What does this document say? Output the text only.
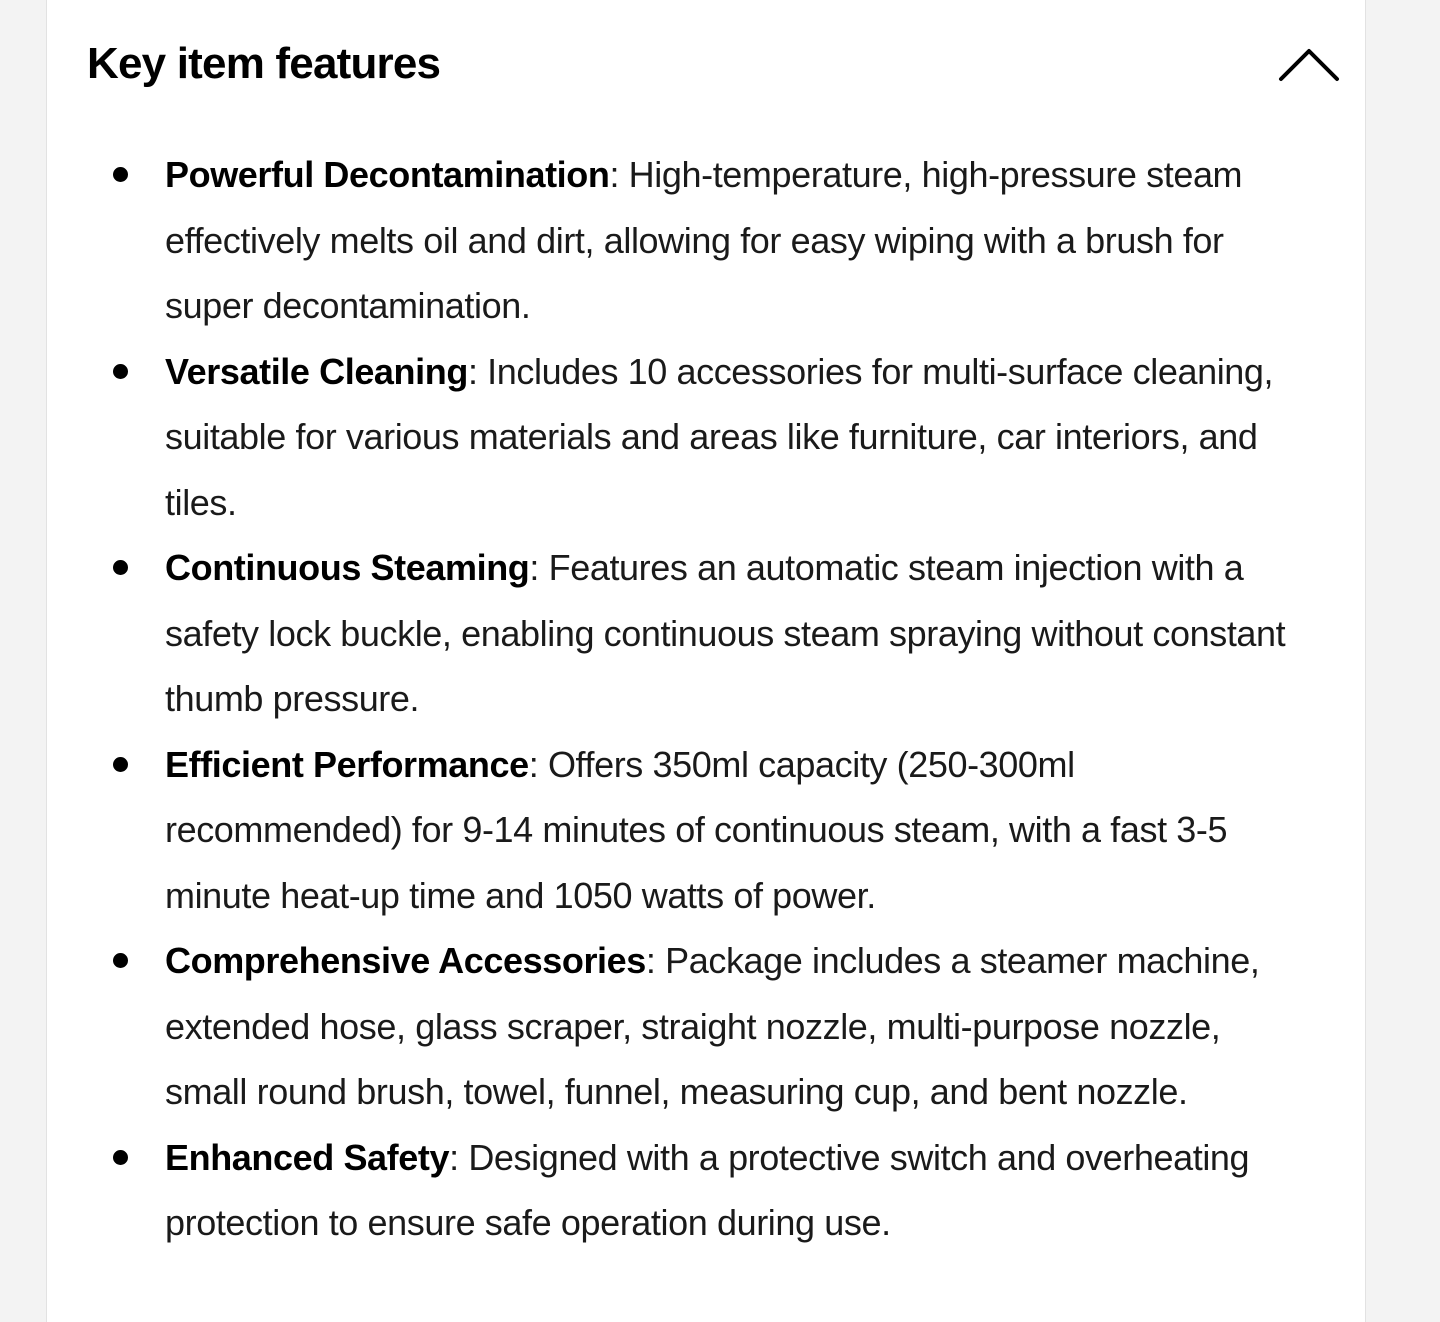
Key item features
Powerful Decontamination: High-temperature, high-pressure steam effectively melts oil and dirt, allowing for easy wiping with a brush for super decontamination.
Versatile Cleaning: Includes 10 accessories for multi-surface cleaning, suitable for various materials and areas like furniture, car interiors, and tiles.
Continuous Steaming: Features an automatic steam injection with a safety lock buckle, enabling continuous steam spraying without constant thumb pressure.
Efficient Performance: Offers 350ml capacity (250-300ml recommended) for 9-14 minutes of continuous steam, with a fast 3-5 minute heat-up time and 1050 watts of power.
Comprehensive Accessories: Package includes a steamer machine, extended hose, glass scraper, straight nozzle, multi-purpose nozzle, small round brush, towel, funnel, measuring cup, and bent nozzle.
Enhanced Safety: Designed with a protective switch and overheating protection to ensure safe operation during use.
